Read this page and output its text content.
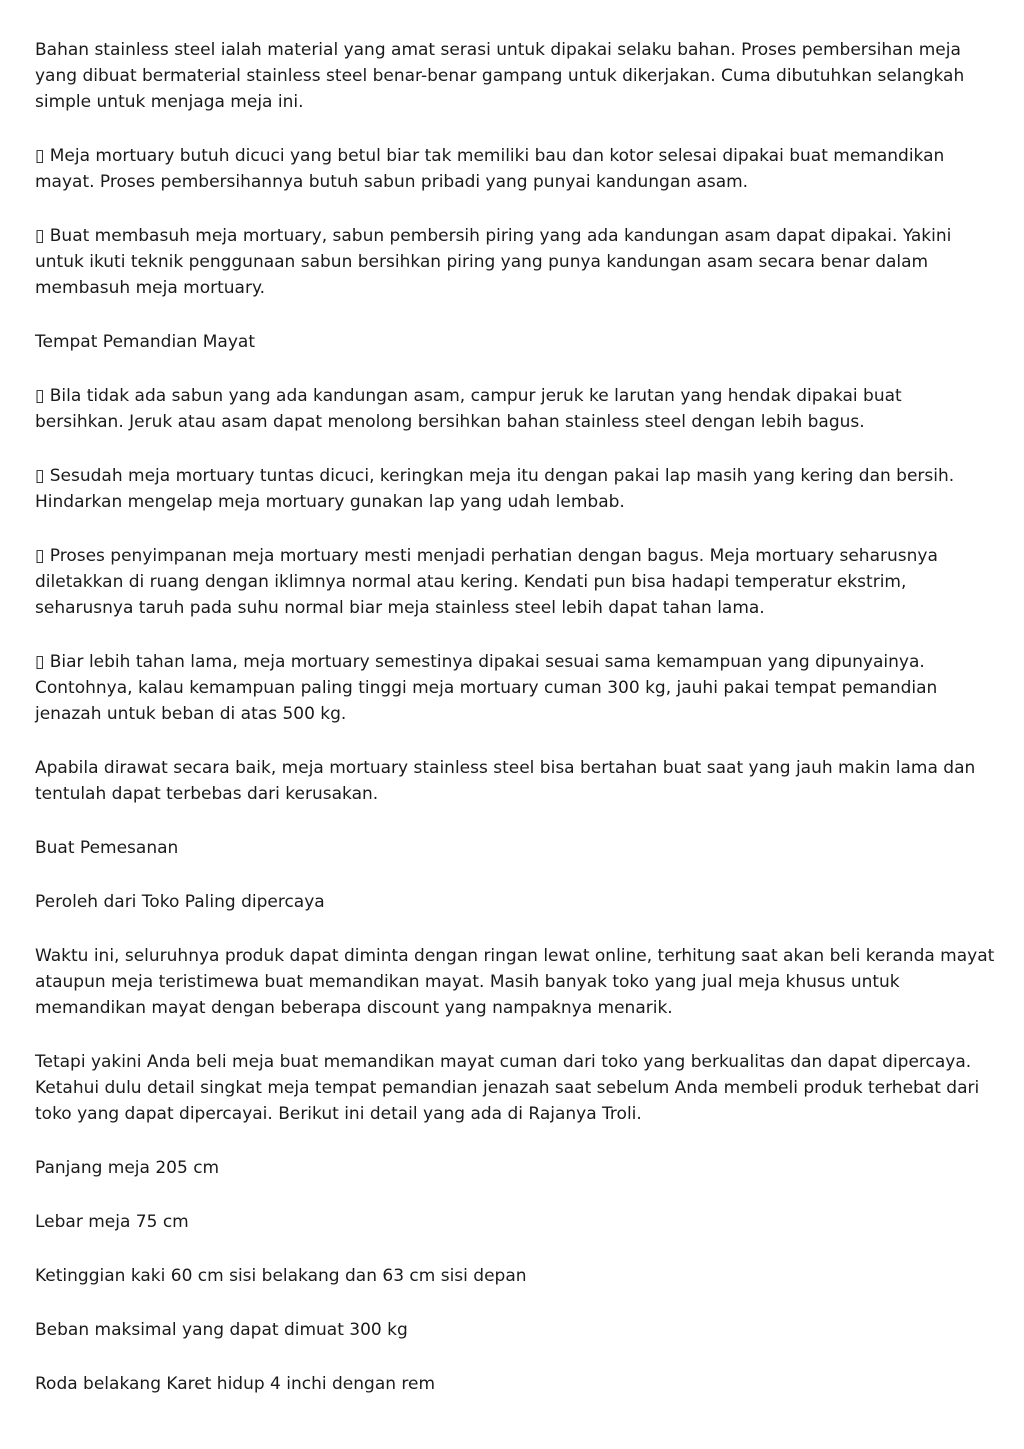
Bahan stainless steel ialah material yang amat serasi untuk dipakai selaku bahan. Proses pembersihan meja yang dibuat bermaterial stainless steel benar-benar gampang untuk dikerjakan. Cuma dibutuhkan selangkah simple untuk menjaga meja ini.

▯ Meja mortuary butuh dicuci yang betul biar tak memiliki bau dan kotor selesai dipakai buat memandikan mayat. Proses pembersihannya butuh sabun pribadi yang punyai kandungan asam.

▯ Buat membasuh meja mortuary, sabun pembersih piring yang ada kandungan asam dapat dipakai. Yakini untuk ikuti teknik penggunaan sabun bersihkan piring yang punya kandungan asam secara benar dalam membasuh meja mortuary.

Tempat Pemandian Mayat

▯ Bila tidak ada sabun yang ada kandungan asam, campur jeruk ke larutan yang hendak dipakai buat bersihkan. Jeruk atau asam dapat menolong bersihkan bahan stainless steel dengan lebih bagus.

▯ Sesudah meja mortuary tuntas dicuci, keringkan meja itu dengan pakai lap masih yang kering dan bersih. Hindarkan mengelap meja mortuary gunakan lap yang udah lembab.

▯ Proses penyimpanan meja mortuary mesti menjadi perhatian dengan bagus. Meja mortuary seharusnya diletakkan di ruang dengan iklimnya normal atau kering. Kendati pun bisa hadapi temperatur ekstrim, seharusnya taruh pada suhu normal biar meja stainless steel lebih dapat tahan lama.

▯ Biar lebih tahan lama, meja mortuary semestinya dipakai sesuai sama kemampuan yang dipunyainya. Contohnya, kalau kemampuan paling tinggi meja mortuary cuman 300 kg, jauhi pakai tempat pemandian jenazah untuk beban di atas 500 kg.

Apabila dirawat secara baik, meja mortuary stainless steel bisa bertahan buat saat yang jauh makin lama dan tentulah dapat terbebas dari kerusakan.

Buat Pemesanan

Peroleh dari Toko Paling dipercaya

Waktu ini, seluruhnya produk dapat diminta dengan ringan lewat online, terhitung saat akan beli keranda mayat ataupun meja teristimewa buat memandikan mayat. Masih banyak toko yang jual meja khusus untuk memandikan mayat dengan beberapa discount yang nampaknya menarik.

Tetapi yakini Anda beli meja buat memandikan mayat cuman dari toko yang berkualitas dan dapat dipercaya. Ketahui dulu detail singkat meja tempat pemandian jenazah saat sebelum Anda membeli produk terhebat dari toko yang dapat dipercayai. Berikut ini detail yang ada di Rajanya Troli.

Panjang meja 205 cm

Lebar meja 75 cm

Ketinggian kaki 60 cm sisi belakang dan 63 cm sisi depan

Beban maksimal yang dapat dimuat 300 kg

Roda belakang Karet hidup 4 inchi dengan rem
